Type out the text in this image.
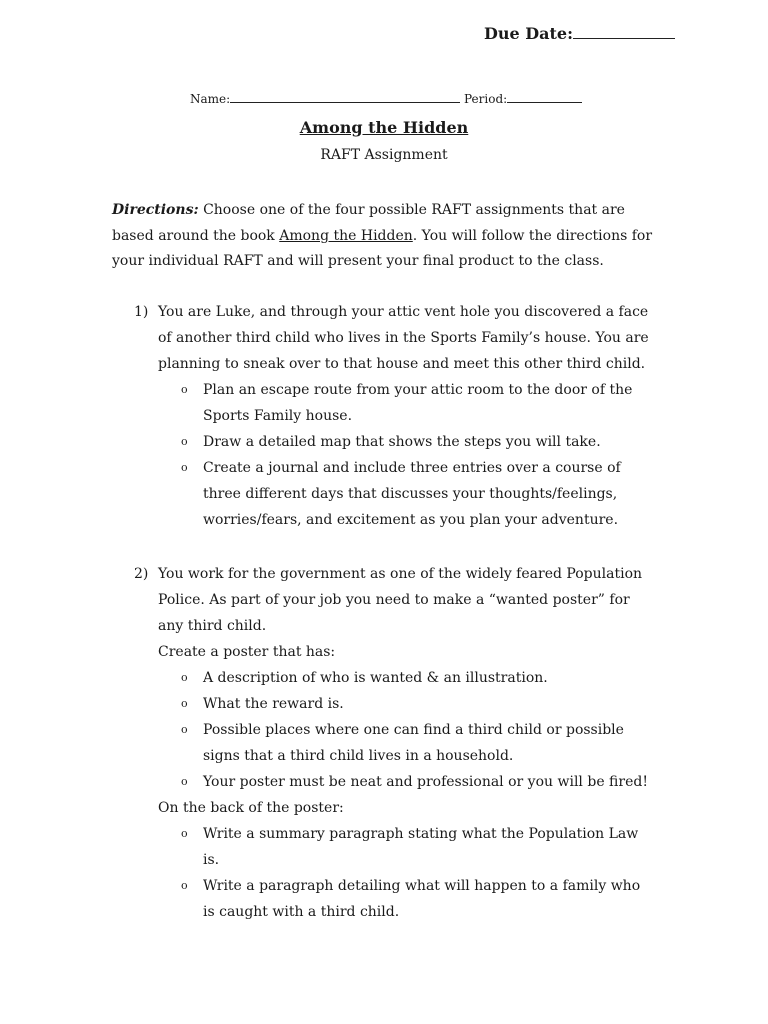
Due Date:
Name:	Period:
Among the Hidden
RAFT Assignment
Directions: Choose one of the four possible RAFT assignments that are based around the book Among the Hidden. You will follow the directions for your individual RAFT and will present your final product to the class.
1) You are Luke, and through your attic vent hole you discovered a face of another third child who lives in the Sports Family’s house. You are planning to sneak over to that house and meet this other third child.
o Plan an escape route from your attic room to the door of the Sports Family house.
o Draw a detailed map that shows the steps you will take.
o Create a journal and include three entries over a course of three different days that discusses your thoughts/feelings, worries/fears, and excitement as you plan your adventure.
2) You work for the government as one of the widely feared Population Police. As part of your job you need to make a “wanted poster” for any third child.
Create a poster that has:
o A description of who is wanted & an illustration.
o What the reward is.
o Possible places where one can find a third child or possible signs that a third child lives in a household.
o Your poster must be neat and professional or you will be fired!
On the back of the poster:
o Write a summary paragraph stating what the Population Law is.
o Write a paragraph detailing what will happen to a family who is caught with a third child.
